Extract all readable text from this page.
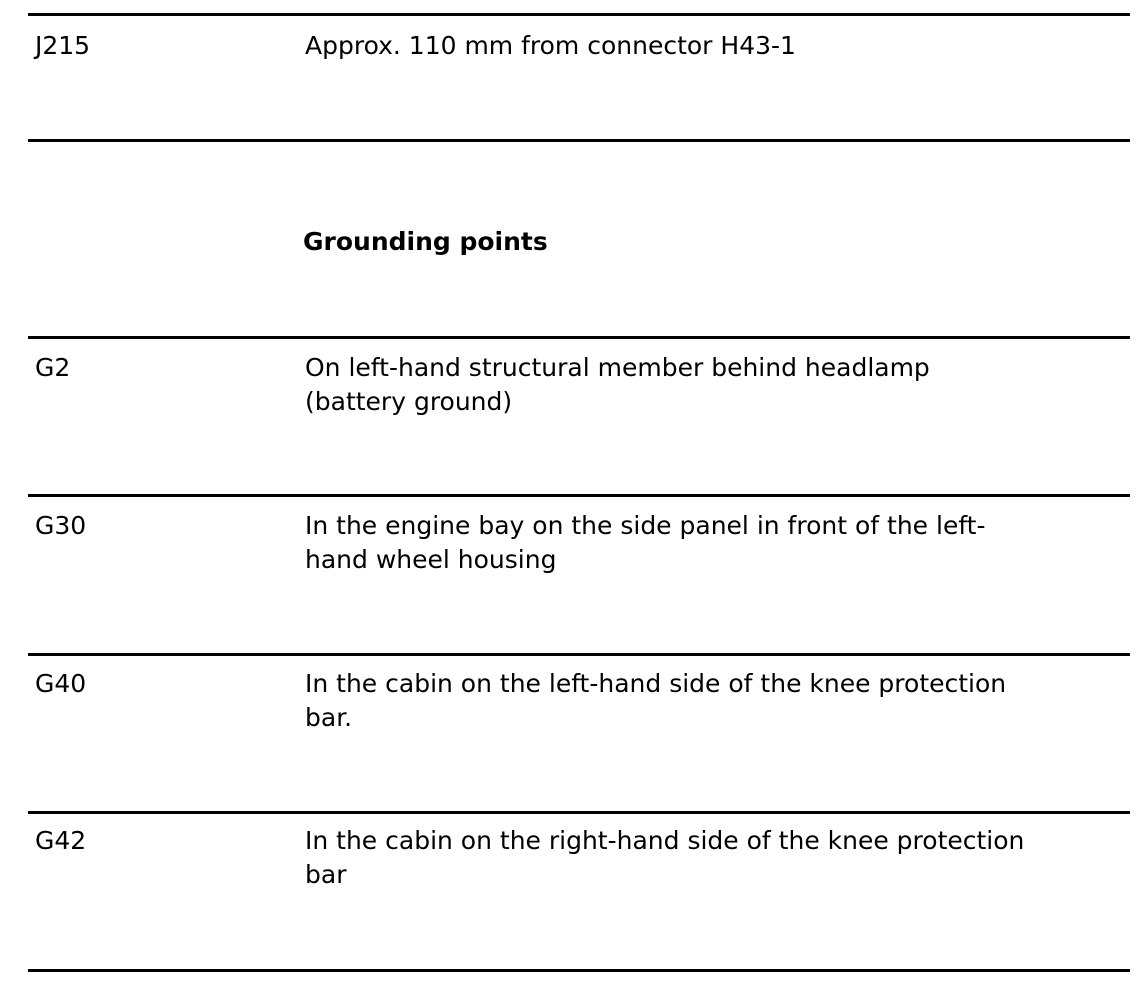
J215	Approx. 110 mm from connector H43-1
Grounding points
G2	On left-hand structural member behind headlamp
(battery ground)
G30	In the engine bay on the side panel in front of the left-
hand wheel housing
G40	In the cabin on the left-hand side of the knee protection
bar.
G42	In the cabin on the right-hand side of the knee protection
bar
